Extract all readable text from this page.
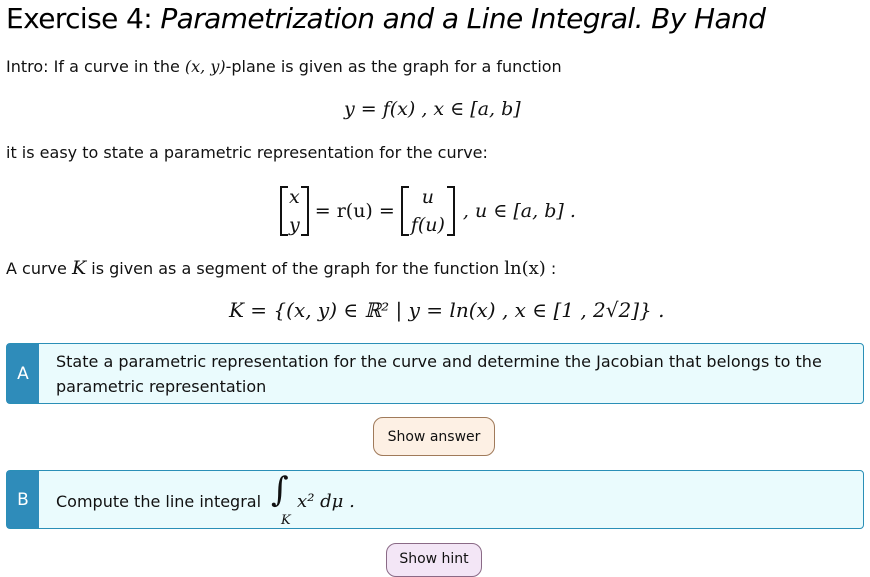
Exercise 4: Parametrization and a Line Integral. By Hand

Intro: If a curve in the (x, y)-plane is given as the graph for a function

y = f(x) , x ∈ [a, b]

it is easy to state a parametric representation for the curve:

x
y
= r(u) =
u
f(u)
, u ∈ [a, b] .

A curve K is given as a segment of the graph for the function ln(x) :

K = {(x, y) ∈ ℝ² | y = ln(x) , x ∈ [1 , 2√2]} .
A
State a parametric representation for the curve and determine the Jacobian that belongs to the
parametric representation
Show answer
B	Compute the line integral ∫
K
x² dμ .
Show hint
